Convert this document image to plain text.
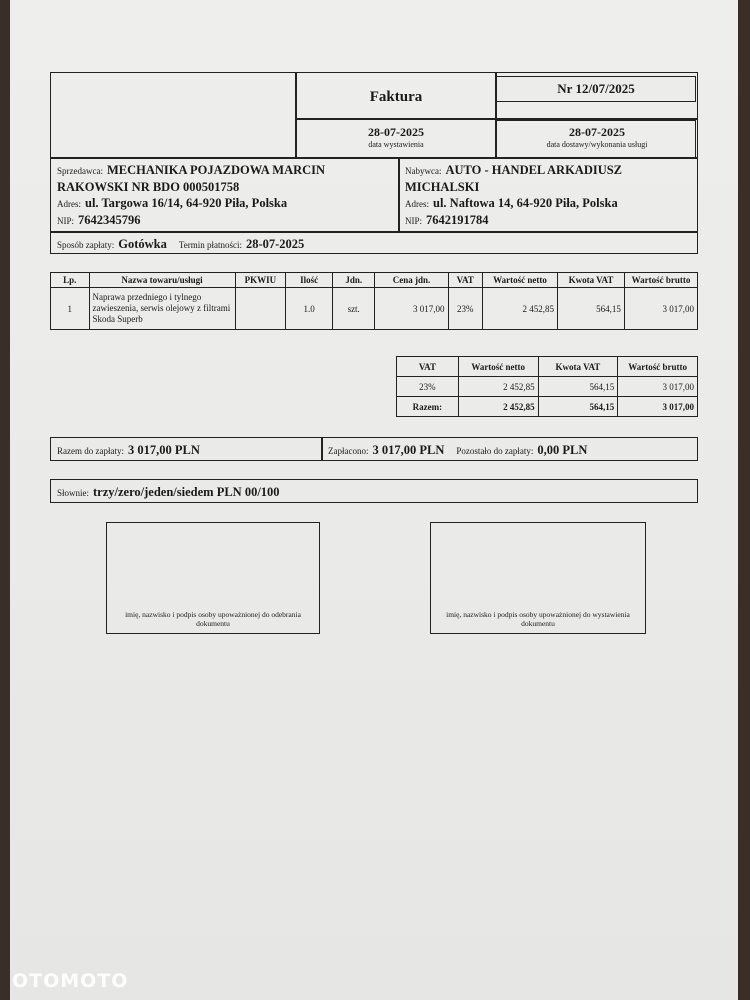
Faktura
28-07-2025
data wystawienia
28-07-2025
data dostawy/wykonania usługi
Nr 12/07/2025
Sprzedawca: MECHANIKA POJAZDOWA MARCIN
RAKOWSKI NR BDO 000501758
Adres: ul. Targowa 16/14, 64-920 Piła, Polska
NIP: 7642345796
Nabywca: AUTO - HANDEL ARKADIUSZ
MICHALSKI
Adres: ul. Naftowa 14, 64-920 Piła, Polska
NIP: 7642191784
Sposób zapłaty: Gotówka Termin płatności: 28-07-2025
Lp.	Nazwa towaru/usługi	PKWIU	Ilość	Jdn.	Cena jdn.	VAT	Wartość netto	Kwota VAT	Wartość brutto
1	Naprawa przedniego i tylnego zawieszenia, serwis olejowy z filtrami Skoda Superb		1.0	szt.	3 017,00	23%	2 452,85	564,15	3 017,00
VAT	Wartość netto	Kwota VAT	Wartość brutto
23%	2 452,85	564,15	3 017,00
Razem:	2 452,85	564,15	3 017,00
Razem do zapłaty: 3 017,00 PLN	Zapłacono: 3 017,00 PLN Pozostało do zapłaty: 0,00 PLN
Słownie: trzy/zero/jeden/siedem PLN 00/100
imię, nazwisko i podpis osoby upoważnionej do odebrania dokumentu
imię, nazwisko i podpis osoby upoważnionej do wystawienia dokumentu
OTOMOTO
